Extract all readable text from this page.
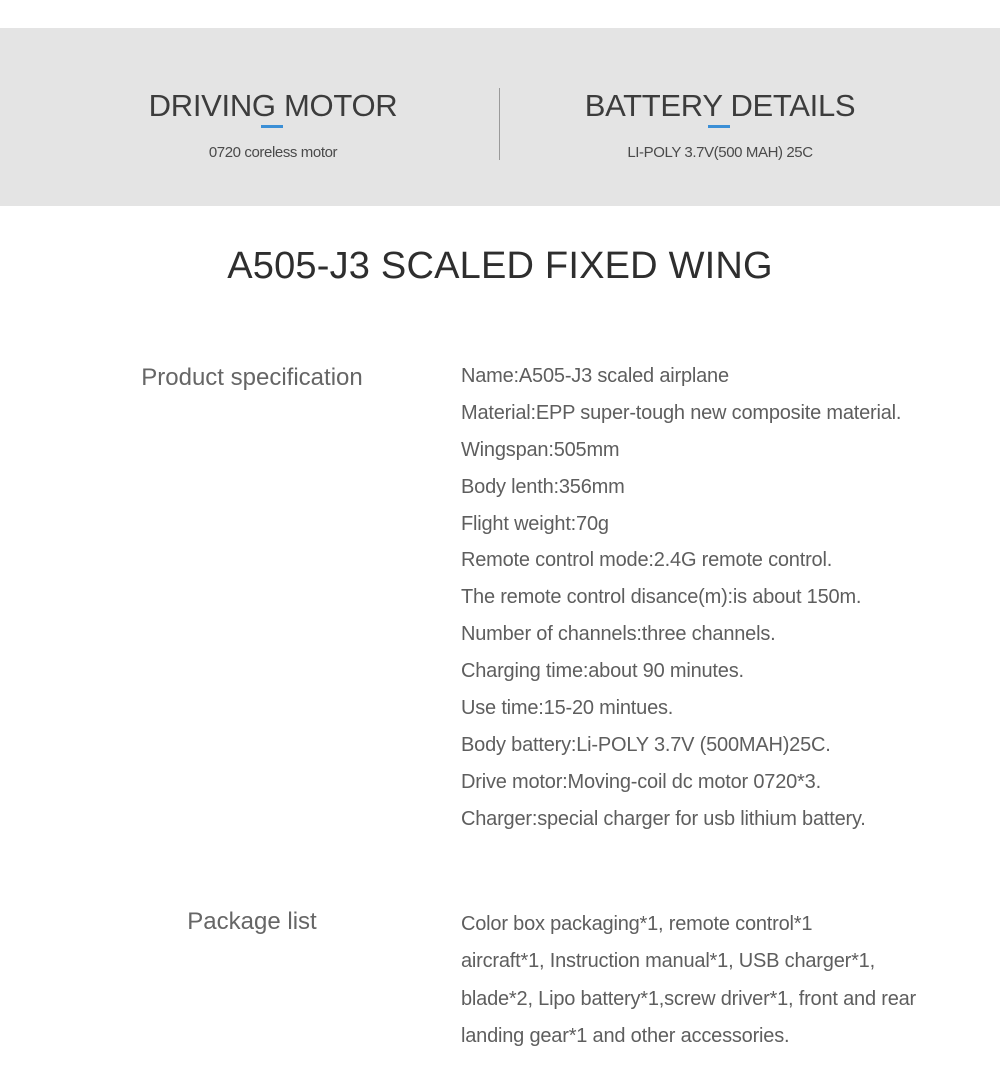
DRIVING MOTOR
0720 coreless motor
BATTERY DETAILS
LI-POLY 3.7V(500 MAH) 25C
A505-J3 SCALED FIXED WING
Product specification	Name:A505-J3 scaled airplane
Material:EPP super-tough new composite material.
Wingspan:505mm
Body lenth:356mm
Flight weight:70g
Remote control mode:2.4G remote control.
The remote control disance(m):is about 150m.
Number of channels:three channels.
Charging time:about 90 minutes.
Use time:15-20 mintues.
Body battery:Li-POLY 3.7V (500MAH)25C.
Drive motor:Moving-coil dc motor 0720*3.
Charger:special charger for usb lithium battery.
Package list	Color box packaging*1, remote control*1
aircraft*1, Instruction manual*1, USB charger*1,
blade*2, Lipo battery*1,screw driver*1, front and rear
landing gear*1 and other accessories.
